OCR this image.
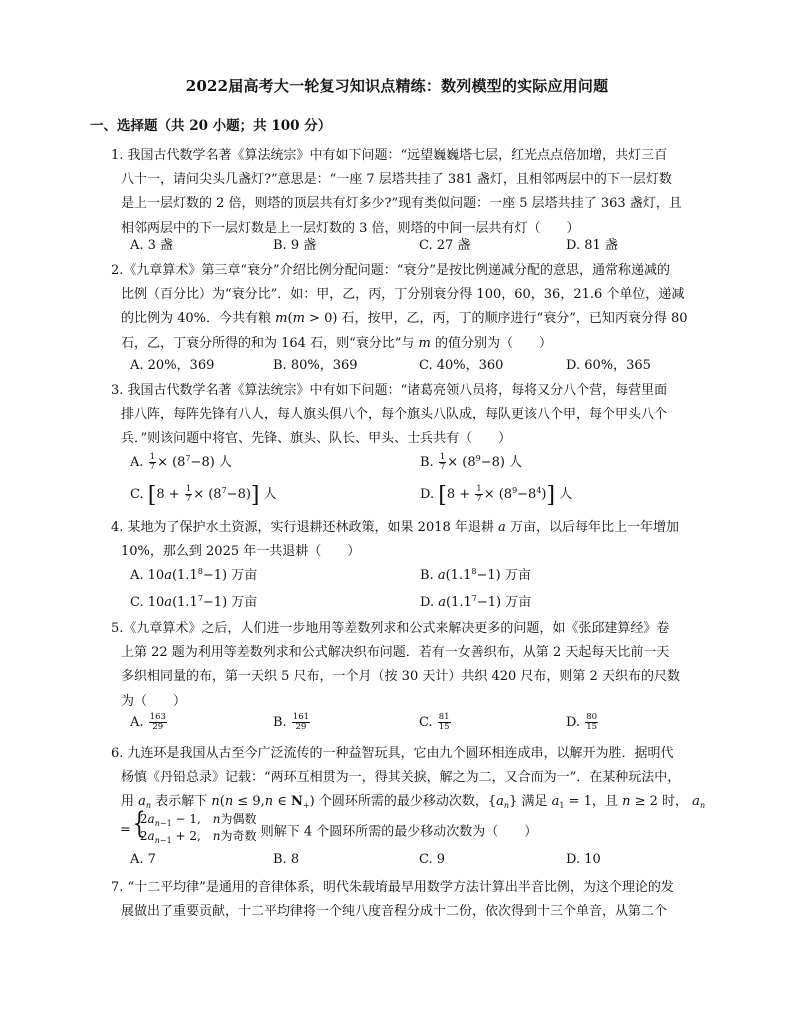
2022届高考大一轮复习知识点精练：数列模型的实际应用问题
一、选择题（共 20 小题；共 100 分）
1. 我国古代数学名著《算法统宗》中有如下问题：“远望巍巍塔七层，红光点点倍加增，共灯三百
八十一，请问尖头几盏灯?”意思是：“一座 7 层塔共挂了 381 盏灯，且相邻两层中的下一层灯数
是上一层灯数的 2 倍，则塔的顶层共有灯多少?”现有类似问题：一座 5 层塔共挂了 363 盏灯，且
相邻两层中的下一层灯数是上一层灯数的 3 倍，则塔的中间一层共有灯（　　）
A. 3 盏	B. 9 盏	C. 27 盏	D. 81 盏
2.《九章算术》第三章“衰分”介绍比例分配问题：“衰分”是按比例递减分配的意思，通常称递减的
比例（百分比）为“衰分比”．如：甲，乙，丙，丁分别衰分得 100，60，36，21.6 个单位，递减
的比例为 40%．今共有粮 m(m > 0) 石，按甲，乙，丙，丁的顺序进行“衰分”，已知丙衰分得 80
石，乙，丁衰分所得的和为 164 石，则“衰分比”与 m 的值分别为（　　）
A. 20%，369	B. 80%，369	C. 40%，360	D. 60%，365
3. 我国古代数学名著《算法统宗》中有如下问题：“诸葛亮领八员将，每将又分八个营，每营里面
排八阵，每阵先锋有八人，每人旗头俱八个，每个旗头八队成，每队更该八个甲，每个甲头八个
兵．”则该问题中将官、先锋、旗头、队长、甲头、士兵共有（　　）
A. $\frac{1}{7} \times (8^7-8)$ 人	B. $\frac{1}{7} \times (8^9-8)$ 人
C. $[8 + \frac{1}{7} \times (8^7-8)]$ 人	D. $[8 + \frac{1}{7} \times (8^9-8^4)]$ 人
4. 某地为了保护水土资源，实行退耕还林政策，如果 2018 年退耕 a 万亩，以后每年比上一年增加
10%，那么到 2025 年一共退耕（　　）
A. $10a(1.1^8-1)$ 万亩	B. $a(1.1^8-1)$ 万亩
C. $10a(1.1^7-1)$ 万亩	D. $a(1.1^7-1)$ 万亩
5.《九章算术》之后，人们进一步地用等差数列求和公式来解决更多的问题，如《张邱建算经》卷
上第 22 题为利用等差数列求和公式解决织布问题．若有一女善织布，从第 2 天起每天比前一天
多织相同量的布，第一天织 5 尺布，一个月（按 30 天计）共织 420 尺布，则第 2 天织布的尺数
为（　　）
A. $\frac{163}{29}$	B. $\frac{161}{29}$	C. $\frac{81}{15}$	D. $\frac{80}{15}$
6. 九连环是我国从古至今广泛流传的一种益智玩具，它由九个圆环相连成串，以解开为胜．据明代
杨慎《丹铅总录》记载：“两环互相贯为一，得其关捩，解之为二，又合而为一”．在某种玩法中，
用 $a_n$ 表示解下 n(n ≤ 9,n ∈ $N_+$) 个圆环所需的最少移动次数，$\{a_n\}$ 满足 $a_1 = 1$，且 n ≥ 2 时， $a_n$
=
{ $2a_{n-1} - 1$, n为偶数
$2a_{n-1} + 2$, n为奇数 则解下 4 个圆环所需的最少移动次数为（　　）
A. 7	B. 8	C. 9	D. 10
7. “十二平均律”是通用的音律体系，明代朱载堉最早用数学方法计算出半音比例，为这个理论的发
展做出了重要贡献，十二平均律将一个纯八度音程分成十二份，依次得到十三个单音，从第二个
